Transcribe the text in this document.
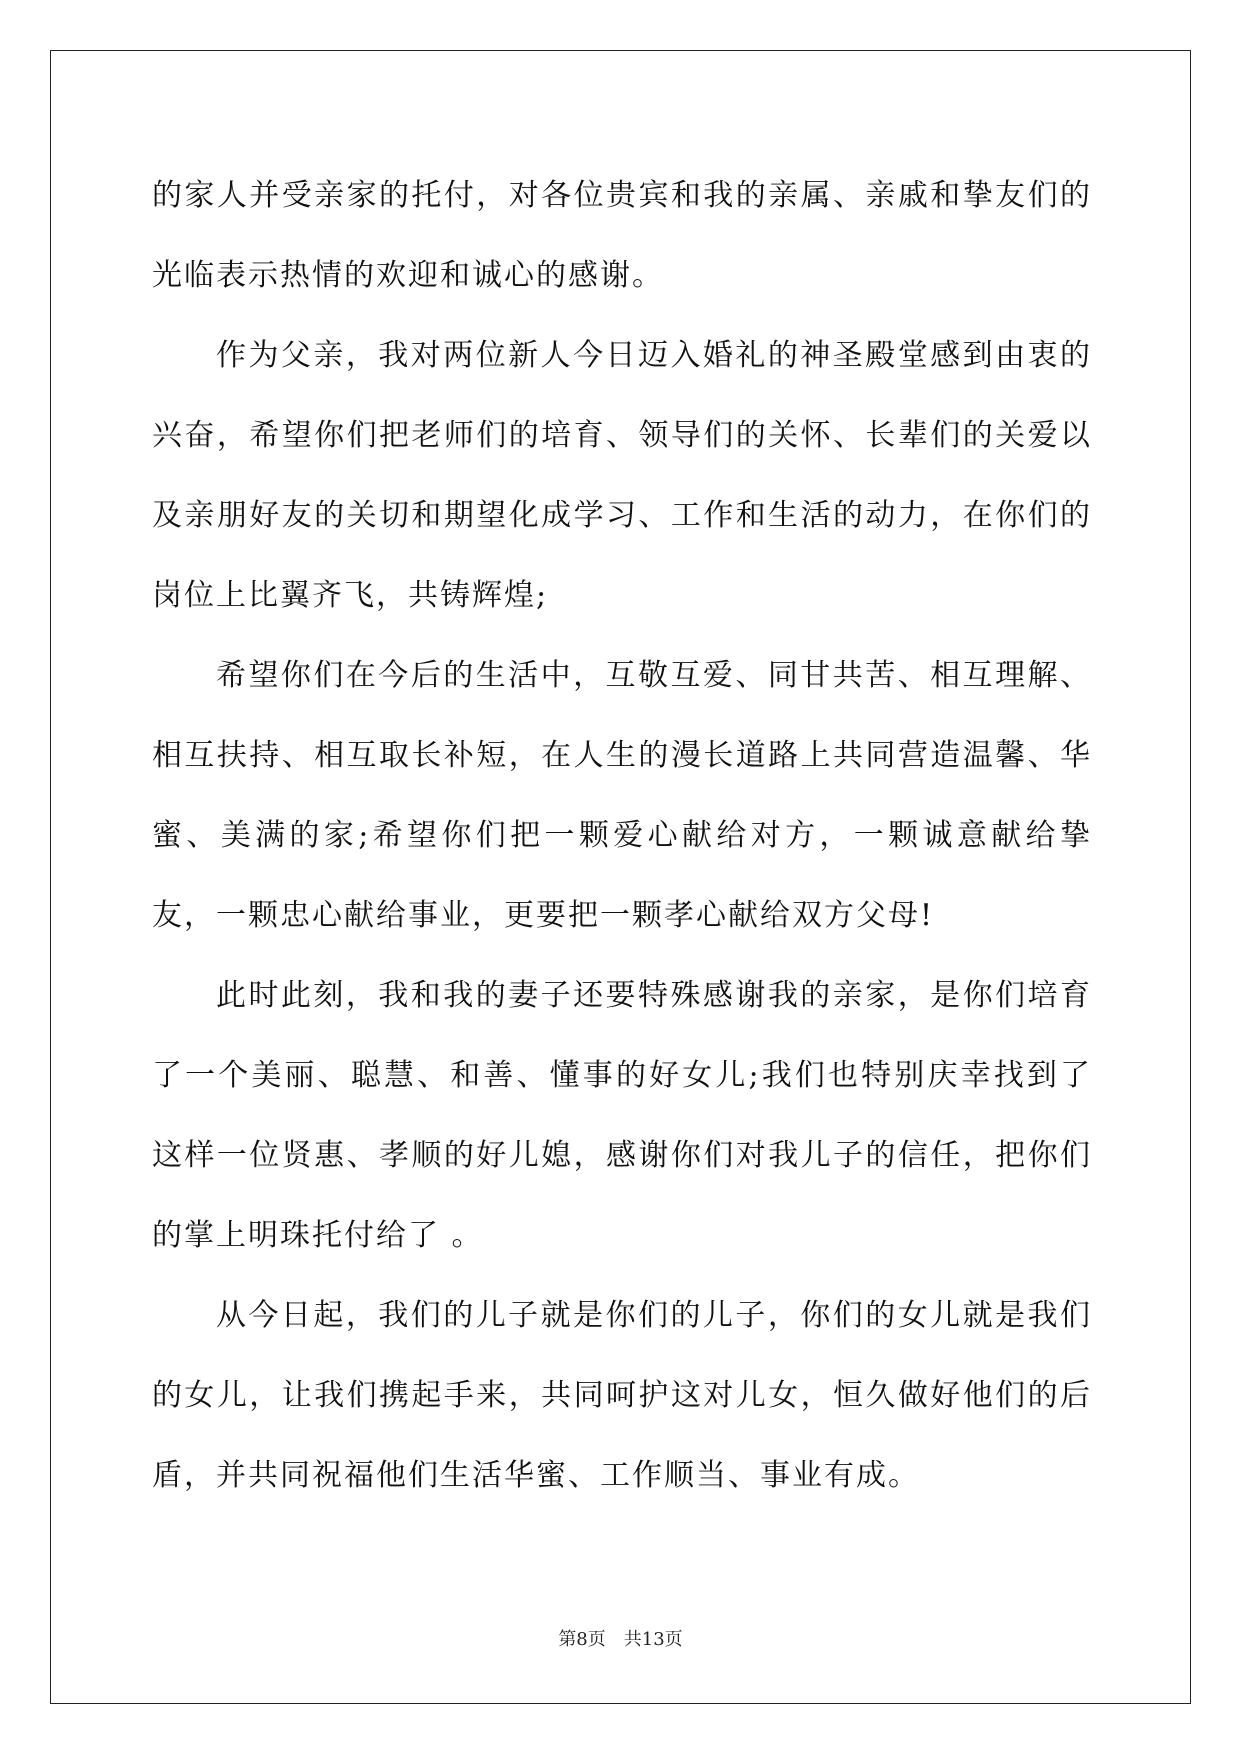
的家人并受亲家的托付，对各位贵宾和我的亲属、亲戚和挚友们的光临表示热情的欢迎和诚心的感谢。

作为父亲，我对两位新人今日迈入婚礼的神圣殿堂感到由衷的兴奋，希望你们把老师们的培育、领导们的关怀、长辈们的关爱以及亲朋好友的关切和期望化成学习、工作和生活的动力，在你们的岗位上比翼齐飞，共铸辉煌;

希望你们在今后的生活中，互敬互爱、同甘共苦、相互理解、相互扶持、相互取长补短，在人生的漫长道路上共同营造温馨、华蜜、美满的家;希望你们把一颗爱心献给对方，一颗诚意献给挚友，一颗忠心献给事业，更要把一颗孝心献给双方父母!

此时此刻，我和我的妻子还要特殊感谢我的亲家，是你们培育了一个美丽、聪慧、和善、懂事的好女儿;我们也特别庆幸找到了这样一位贤惠、孝顺的好儿媳，感谢你们对我儿子的信任，把你们的掌上明珠托付给了 。

从今日起，我们的儿子就是你们的儿子，你们的女儿就是我们的女儿，让我们携起手来，共同呵护这对儿女，恒久做好他们的后盾，并共同祝福他们生活华蜜、工作顺当、事业有成。

第8页　共13页
